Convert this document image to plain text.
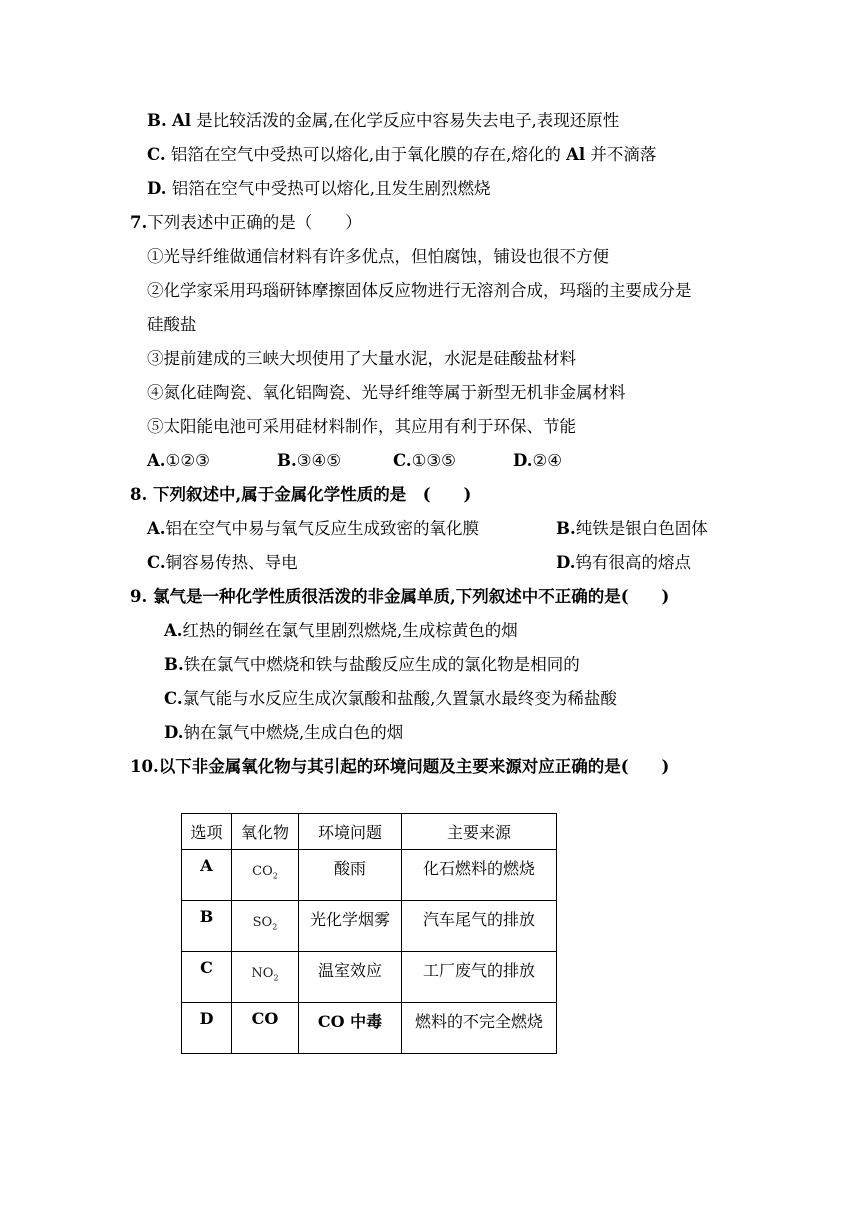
B. Al 是比较活泼的金属,在化学反应中容易失去电子,表现还原性
C. 铝箔在空气中受热可以熔化,由于氧化膜的存在,熔化的 Al 并不滴落
D. 铝箔在空气中受热可以熔化,且发生剧烈燃烧
7.下列表述中正确的是（　　）
①光导纤维做通信材料有许多优点，但怕腐蚀，铺设也很不方便
②化学家采用玛瑙研钵摩擦固体反应物进行无溶剂合成，玛瑙的主要成分是
硅酸盐
③提前建成的三峡大坝使用了大量水泥，水泥是硅酸盐材料
④氮化硅陶瓷、氧化铝陶瓷、光导纤维等属于新型无机非金属材料
⑤太阳能电池可采用硅材料制作，其应用有利于环保、节能
A.①②③	B.③④⑤	C.①③⑤	D.②④
8. 下列叙述中,属于金属化学性质的是　(　　)
A.铝在空气中易与氧气反应生成致密的氧化膜	B.纯铁是银白色固体
C.铜容易传热、导电	D.钨有很高的熔点
9. 氯气是一种化学性质很活泼的非金属单质,下列叙述中不正确的是(　　)
A.红热的铜丝在氯气里剧烈燃烧,生成棕黄色的烟
B.铁在氯气中燃烧和铁与盐酸反应生成的氯化物是相同的
C.氯气能与水反应生成次氯酸和盐酸,久置氯水最终变为稀盐酸
D.钠在氯气中燃烧,生成白色的烟
10.以下非金属氧化物与其引起的环境问题及主要来源对应正确的是(　　)
选项	氧化物	环境问题	主要来源
A	$CO_2$	酸雨	化石燃料的燃烧
B	$SO_2$	光化学烟雾	汽车尾气的排放
C	$NO_2$	温室效应	工厂废气的排放
D	CO	CO 中毒	燃料的不完全燃烧
